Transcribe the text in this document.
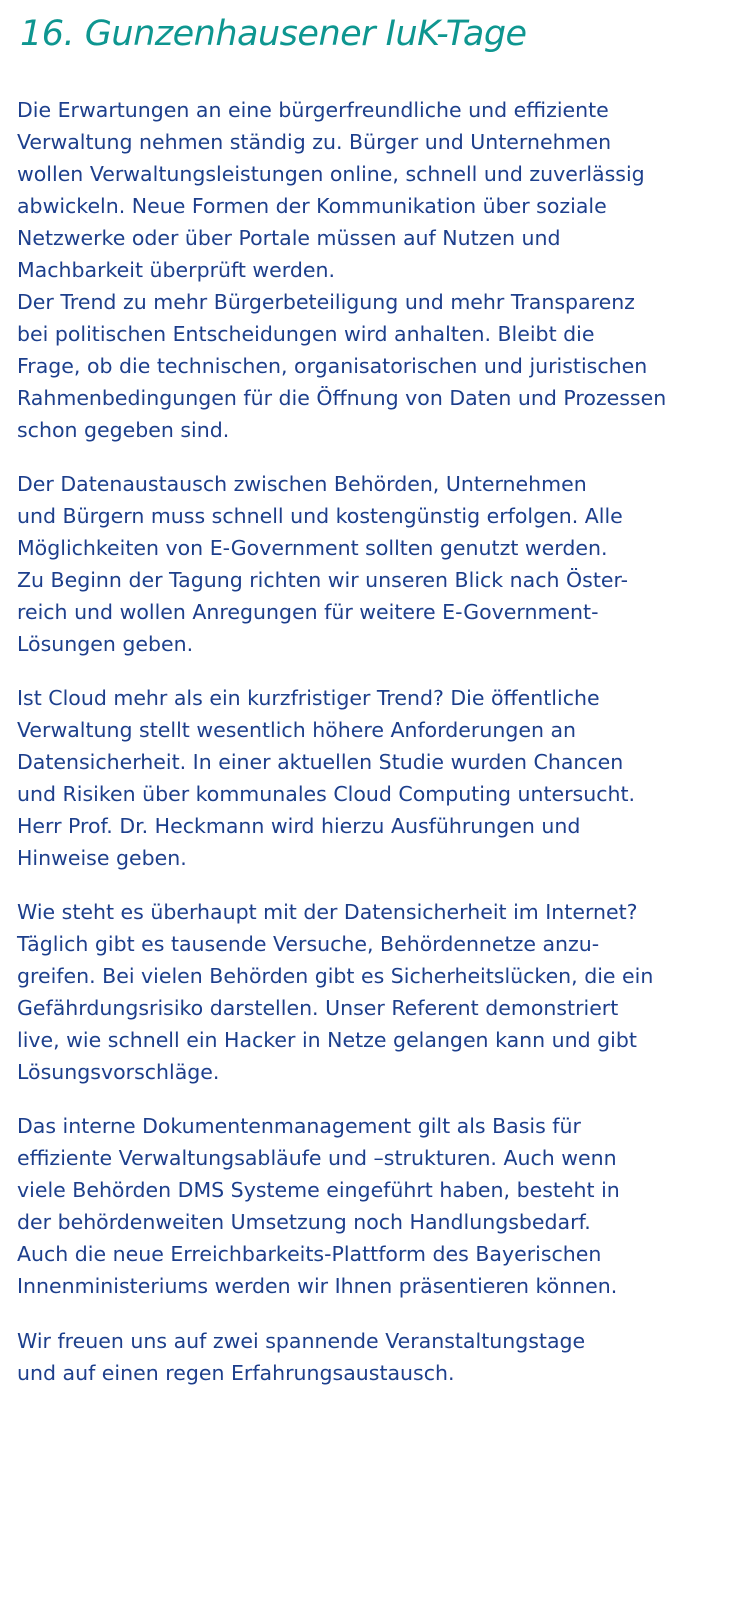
16. Gunzenhausener IuK-Tage

Die Erwartungen an eine bürgerfreundliche und effiziente

Verwaltung nehmen ständig zu. Bürger und Unternehmen

wollen Verwaltungsleistungen online, schnell und zuverlässig

abwickeln. Neue Formen der Kommunikation über soziale

Netzwerke oder über Portale müssen auf Nutzen und

Machbarkeit überprüft werden.

Der Trend zu mehr Bürgerbeteiligung und mehr Transparenz

bei politischen Entscheidungen wird anhalten. Bleibt die

Frage, ob die technischen, organisatorischen und juristischen

Rahmenbedingungen für die Öffnung von Daten und Prozessen

schon gegeben sind.

Der Datenaustausch zwischen Behörden, Unternehmen

und Bürgern muss schnell und kostengünstig erfolgen. Alle

Möglichkeiten von E-Government sollten genutzt werden.

Zu Beginn der Tagung richten wir unseren Blick nach Öster-

reich und wollen Anregungen für weitere E-Government-

Lösungen geben.

Ist Cloud mehr als ein kurzfristiger Trend? Die öffentliche

Verwaltung stellt wesentlich höhere Anforderungen an

Datensicherheit. In einer aktuellen Studie wurden Chancen

und Risiken über kommunales Cloud Computing untersucht.

Herr Prof. Dr. Heckmann wird hierzu Ausführungen und

Hinweise geben.

Wie steht es überhaupt mit der Datensicherheit im Internet?

Täglich gibt es tausende Versuche, Behördennetze anzu-

greifen. Bei vielen Behörden gibt es Sicherheitslücken, die ein

Gefährdungsrisiko darstellen. Unser Referent demonstriert

live, wie schnell ein Hacker in Netze gelangen kann und gibt

Lösungsvorschläge.

Das interne Dokumentenmanagement gilt als Basis für

effiziente Verwaltungsabläufe und –strukturen. Auch wenn

viele Behörden DMS Systeme eingeführt haben, besteht in

der behördenweiten Umsetzung noch Handlungsbedarf.

Auch die neue Erreichbarkeits-Plattform des Bayerischen

Innenministeriums werden wir Ihnen präsentieren können.

Wir freuen uns auf zwei spannende Veranstaltungstage

und auf einen regen Erfahrungsaustausch.
